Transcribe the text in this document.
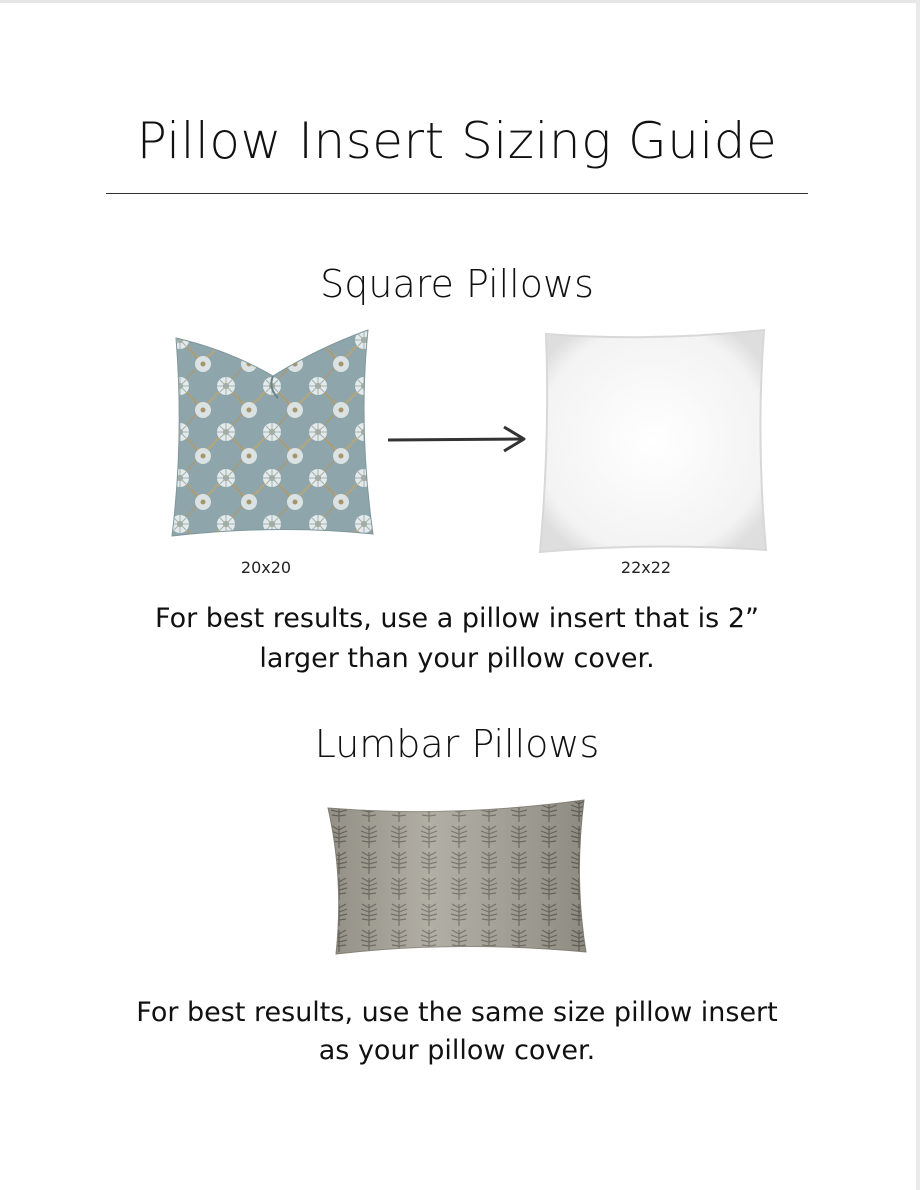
Pillow Insert Sizing Guide
Square Pillows
20x20	22x22
For best results, use a pillow insert that is 2”
larger than your pillow cover.
Lumbar Pillows
For best results, use the same size pillow insert
as your pillow cover.
